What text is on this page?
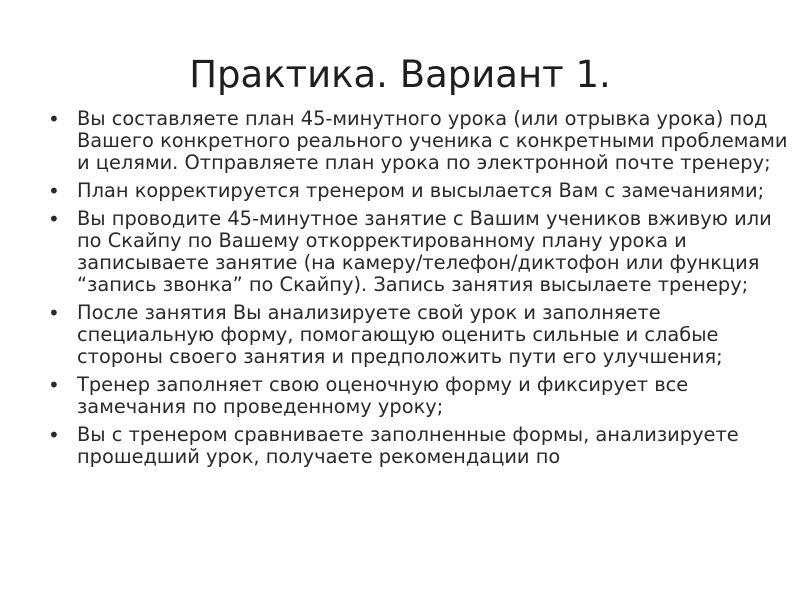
Практика. Вариант 1.
• Вы составляете план 45-минутного урока (или отрывка урока) под Вашего конкретного реального ученика с конкретными проблемами и целями. Отправляете план урока по электронной почте тренеру;
• План корректируется тренером и высылается Вам с замечаниями;
• Вы проводите 45-минутное занятие с Вашим учеников вживую или по Скайпу по Вашему откорректированному плану урока и записываете занятие (на камеру/телефон/диктофон или функция “запись звонка” по Скайпу). Запись занятия высылаете тренеру;
• После занятия Вы анализируете свой урок и заполняете специальную форму, помогающую оценить сильные и слабые стороны своего занятия и предположить пути его улучшения;
• Тренер заполняет свою оценочную форму и фиксирует все замечания по проведенному уроку;
• Вы с тренером сравниваете заполненные формы, анализируете прошедший урок, получаете рекомендации по
